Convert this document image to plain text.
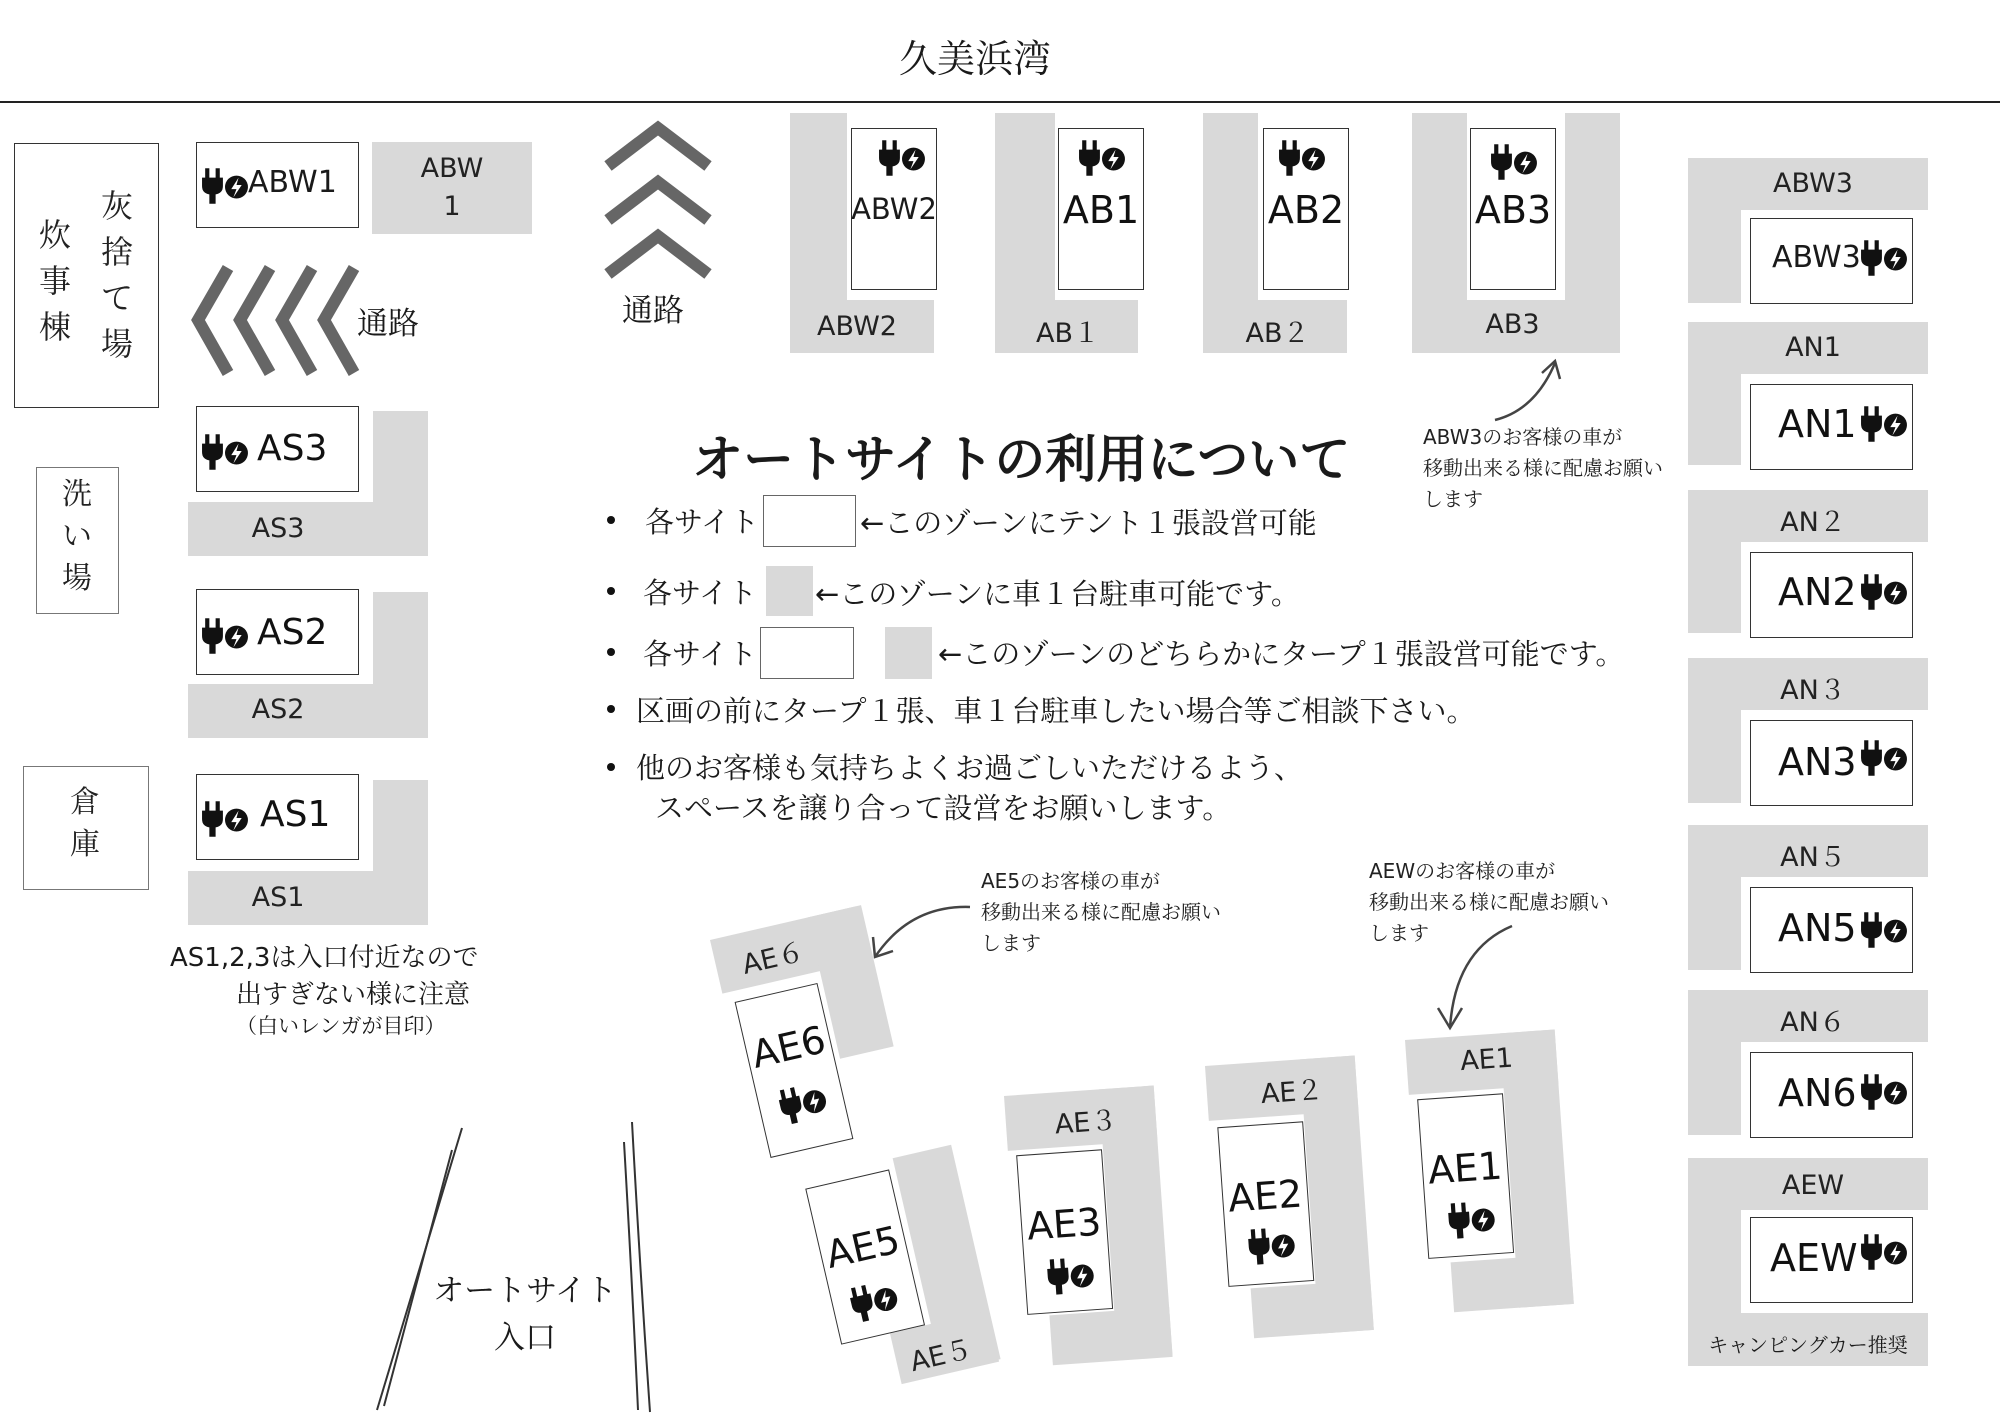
久美浜湾
炊
事
棟
灰
捨
て
場
洗
い
場
倉
庫
通路	通路
ABW
1
ABW1
AS3
AS3
AS2
AS2
AS1
AS1
AS1,2,3は入口付近なので
出すぎない様に注意
（白いレンガが目印）
ABW2
ABW2
AB１
AB1
AB２
AB2
AB3
AB3
ABW3のお客様の車が
移動出来る様に配慮お願い
します
ABW3
ABW3
AN1
AN1
AN２
AN2
AN３
AN3
AN５
AN5
AN６
AN6
AEW
AEW
キャンピングカー推奨
オートサイトの利用について
各サイト	←このゾーンにテント１張設営可能
各サイト ←このゾーンに車１台駐車可能です。
各サイト	←このゾーンのどちらかにタープ１張設営可能です。
区画の前にタープ１張、車１台駐車したい場合等ご相談下さい。
他のお客様も気持ちよくお過ごしいただけるよう、
スペースを譲り合って設営をお願いします。
AE5のお客様の車が
移動出来る様に配慮お願い
します
AEWのお客様の車が
移動出来る様に配慮お願い
します
AE６
AE6
AE５
AE5
AE３
AE3
AE２
AE2
AE1
AE1
オートサイト
入口
